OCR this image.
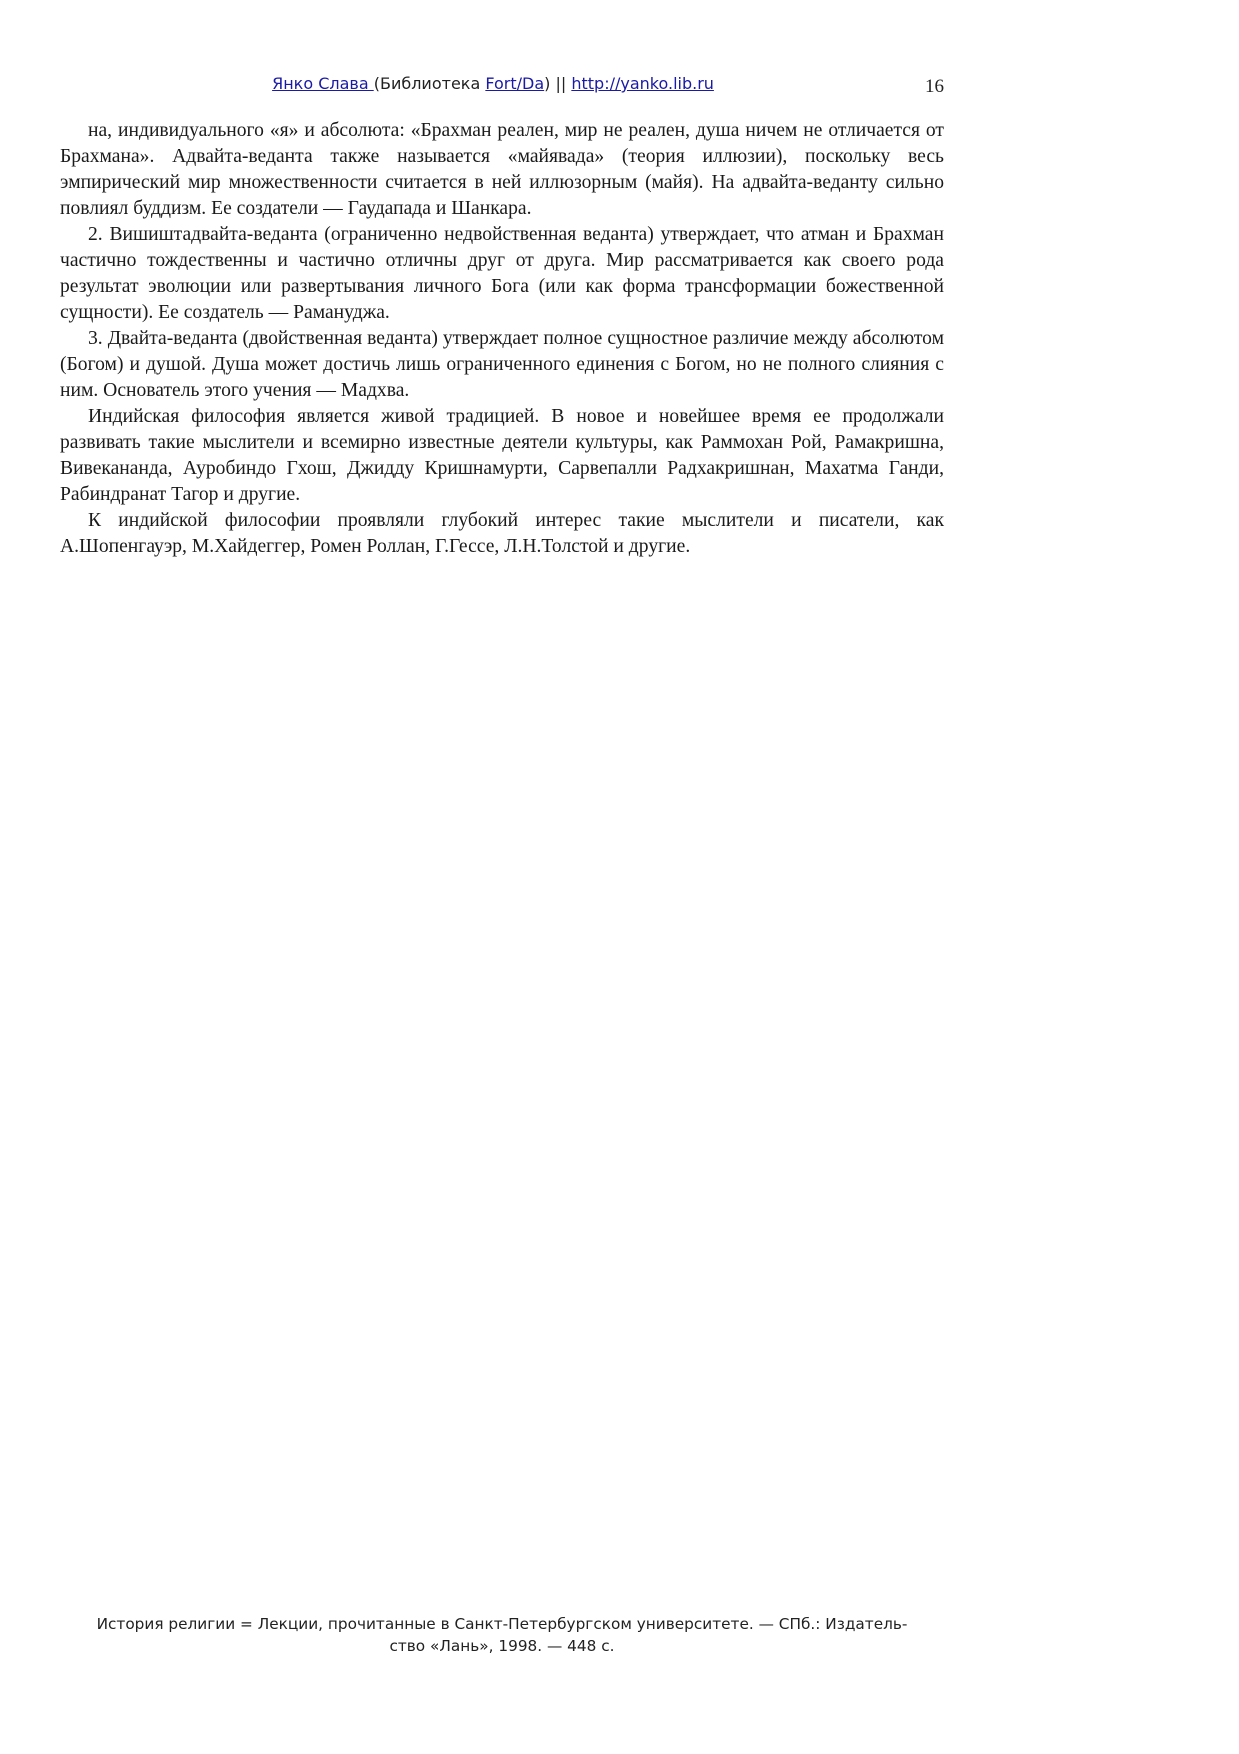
Янко Слава (Библиотека Fort/Da) || http://yanko.lib.ru	16

на, индивидуального «я» и абсолюта: «Брахман реален, мир не реален, душа ничем не отличается от Брахмана». Адвайта-веданта также называется «майявада» (теория иллюзии), поскольку весь эмпирический мир множественности считается в ней иллюзорным (майя). На адвайта-веданту сильно повлиял буддизм. Ее создатели — Гаудапада и Шанкара.

2. Вишиштадвайта-веданта (ограниченно недвойственная веданта) утверждает, что атман и Брахман частично тождественны и частично отличны друг от друга. Мир рассматривается как своего рода результат эволюции или развертывания личного Бога (или как форма трансформации божественной сущности). Ее создатель — Рамануджа.

3. Двайта-веданта (двойственная веданта) утверждает полное сущностное различие между абсолютом (Богом) и душой. Душа может достичь лишь ограниченного единения с Богом, но не полного слияния с ним. Основатель этого учения — Мадхва.

Индийская философия является живой традицией. В новое и новейшее время ее продолжали развивать такие мыслители и всемирно известные деятели культуры, как Раммохан Рой, Рамакришна, Вивекананда, Ауробиндо Гхош, Джидду Кришнамурти, Сарвепалли Радхакришнан, Махатма Ганди, Рабиндранат Тагор и другие.

К индийской философии проявляли глубокий интерес такие мыслители и писатели, как А.Шопенгауэр, М.Хайдеггер, Ромен Роллан, Г.Гессе, Л.Н.Толстой и другие.

История религии = Лекции, прочитанные в Санкт-Петербургском университете. — СПб.: Издатель-
ство «Лань», 1998. — 448 с.
